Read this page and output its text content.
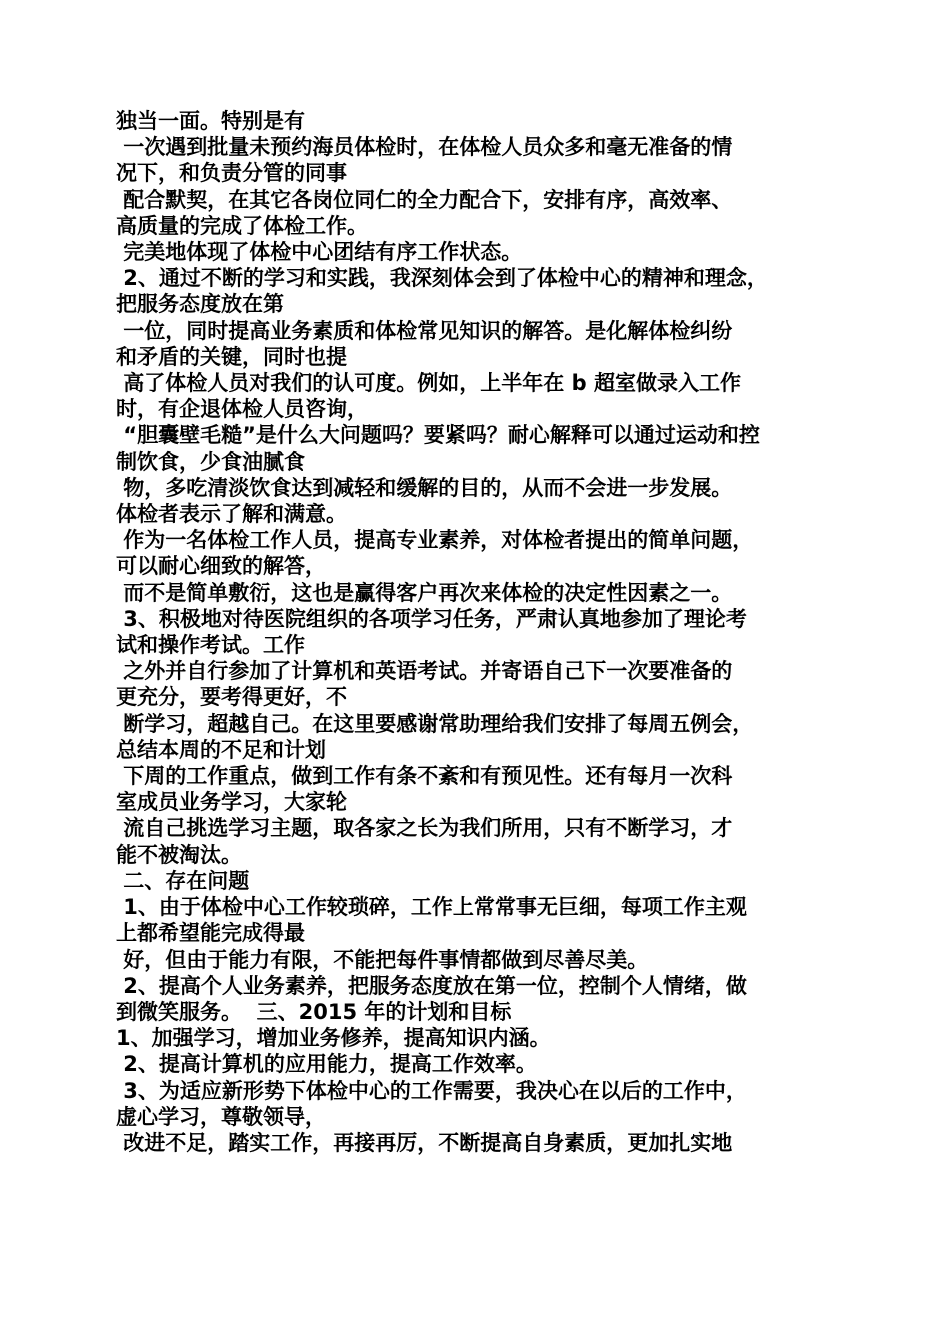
独当一面。特别是有
一次遇到批量未预约海员体检时，在体检人员众多和毫无准备的情
况下，和负责分管的同事
配合默契，在其它各岗位同仁的全力配合下，安排有序，高效率、
高质量的完成了体检工作。
完美地体现了体检中心团结有序工作状态。
2、通过不断的学习和实践，我深刻体会到了体检中心的精神和理念，
把服务态度放在第
一位，同时提高业务素质和体检常见知识的解答。是化解体检纠纷
和矛盾的关键，同时也提
高了体检人员对我们的认可度。例如，上半年在 b 超室做录入工作
时，有企退体检人员咨询，
“胆囊壁毛糙”是什么大问题吗？要紧吗？耐心解释可以通过运动和控
制饮食，少食油腻食
物，多吃清淡饮食达到减轻和缓解的目的，从而不会进一步发展。
体检者表示了解和满意。
作为一名体检工作人员，提高专业素养，对体检者提出的简单问题，
可以耐心细致的解答，
而不是简单敷衍，这也是赢得客户再次来体检的决定性因素之一。
3、积极地对待医院组织的各项学习任务，严肃认真地参加了理论考
试和操作考试。工作
之外并自行参加了计算机和英语考试。并寄语自己下一次要准备的
更充分，要考得更好，不
断学习，超越自己。在这里要感谢常助理给我们安排了每周五例会，
总结本周的不足和计划
下周的工作重点，做到工作有条不紊和有预见性。还有每月一次科
室成员业务学习，大家轮
流自己挑选学习主题，取各家之长为我们所用，只有不断学习，才
能不被淘汰。
二、存在问题
1、由于体检中心工作较琐碎，工作上常常事无巨细，每项工作主观
上都希望能完成得最
好，但由于能力有限，不能把每件事情都做到尽善尽美。
2、提高个人业务素养，把服务态度放在第一位，控制个人情绪，做
到微笑服务。  三、2015 年的计划和目标
1、加强学习，增加业务修养，提高知识内涵。
2、提高计算机的应用能力，提高工作效率。
3、为适应新形势下体检中心的工作需要，我决心在以后的工作中，
虚心学习，尊敬领导，
改进不足，踏实工作，再接再厉，不断提高自身素质，更加扎实地
